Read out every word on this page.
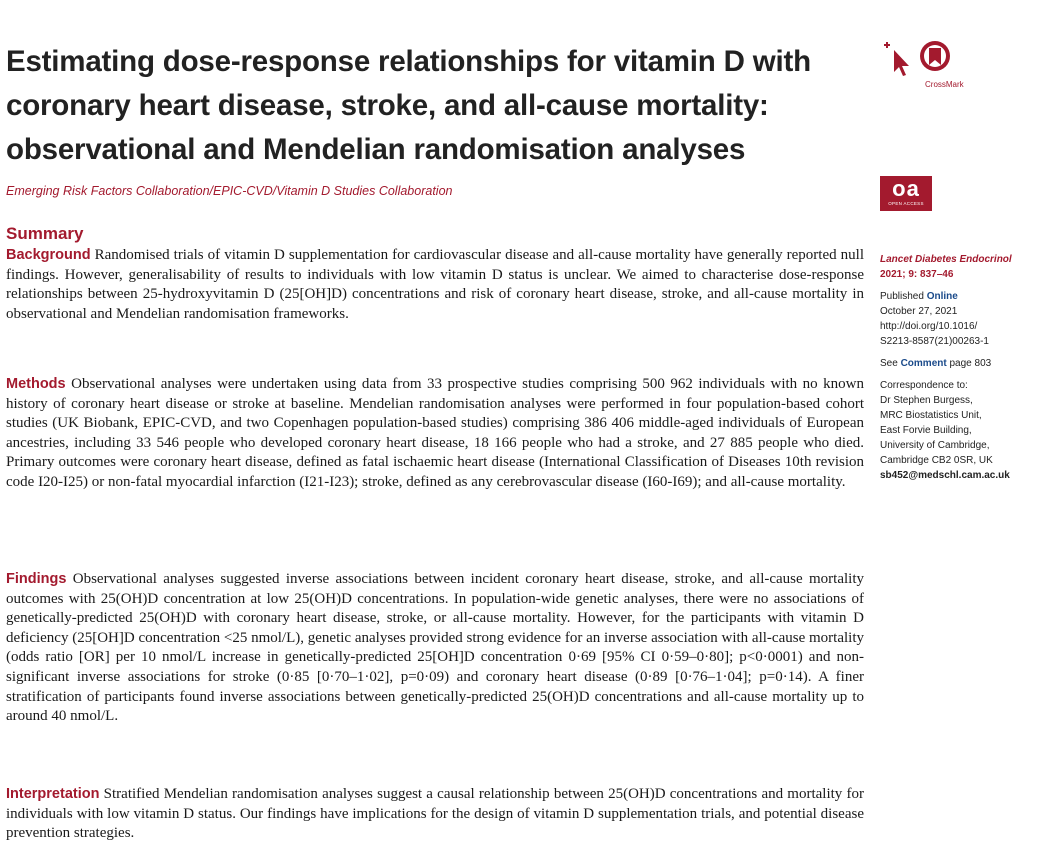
Estimating dose-response relationships for vitamin D with
coronary heart disease, stroke, and all-cause mortality:
observational and Mendelian randomisation analyses
CrossMark
Emerging Risk Factors Collaboration/EPIC-CVD/Vitamin D Studies Collaboration	oa
OPEN ACCESS
Summary
Background Randomised trials of vitamin D supplementation for cardiovascular disease and all-cause mortality have generally reported null findings. However, generalisability of results to individuals with low vitamin D status is unclear. We aimed to characterise dose-response relationships between 25-hydroxyvitamin D (25[OH]D) concentrations and risk of coronary heart disease, stroke, and all-cause mortality in observational and Mendelian randomisation frameworks.
Methods Observational analyses were undertaken using data from 33 prospective studies comprising 500 962 individuals with no known history of coronary heart disease or stroke at baseline. Mendelian randomisation analyses were performed in four population-based cohort studies (UK Biobank, EPIC-CVD, and two Copenhagen population-based studies) comprising 386 406 middle-aged individuals of European ancestries, including 33 546 people who developed coronary heart disease, 18 166 people who had a stroke, and 27 885 people who died. Primary outcomes were coronary heart disease, defined as fatal ischaemic heart disease (International Classification of Diseases 10th revision code I20-I25) or non-fatal myocardial infarction (I21-I23); stroke, defined as any cerebrovascular disease (I60-I69); and all-cause mortality.
Findings Observational analyses suggested inverse associations between incident coronary heart disease, stroke, and all-cause mortality outcomes with 25(OH)D concentration at low 25(OH)D concentrations. In population-wide genetic analyses, there were no associations of genetically-predicted 25(OH)D with coronary heart disease, stroke, or all-cause mortality. However, for the participants with vitamin D deficiency (25[OH]D concentration <25 nmol/L), genetic analyses provided strong evidence for an inverse association with all-cause mortality (odds ratio [OR] per 10 nmol/L increase in genetically-predicted 25[OH]D concentration 0·69 [95% CI 0·59–0·80]; p<0·0001) and non-significant inverse associations for stroke (0·85 [0·70–1·02], p=0·09) and coronary heart disease (0·89 [0·76–1·04]; p=0·14). A finer stratification of participants found inverse associations between genetically-predicted 25(OH)D concentrations and all-cause mortality up to around 40 nmol/L.
Interpretation Stratified Mendelian randomisation analyses suggest a causal relationship between 25(OH)D concentrations and mortality for individuals with low vitamin D status. Our findings have implications for the design of vitamin D supplementation trials, and potential disease prevention strategies.
Lancet Diabetes Endocrinol
2021; 9: 837–46
Published Online
October 27, 2021
http://doi.org/10.1016/
S2213-8587(21)00263-1
See Comment page 803
Correspondence to:
Dr Stephen Burgess,
MRC Biostatistics Unit,
East Forvie Building,
University of Cambridge,
Cambridge CB2 0SR, UK
sb452@medschl.cam.ac.uk
